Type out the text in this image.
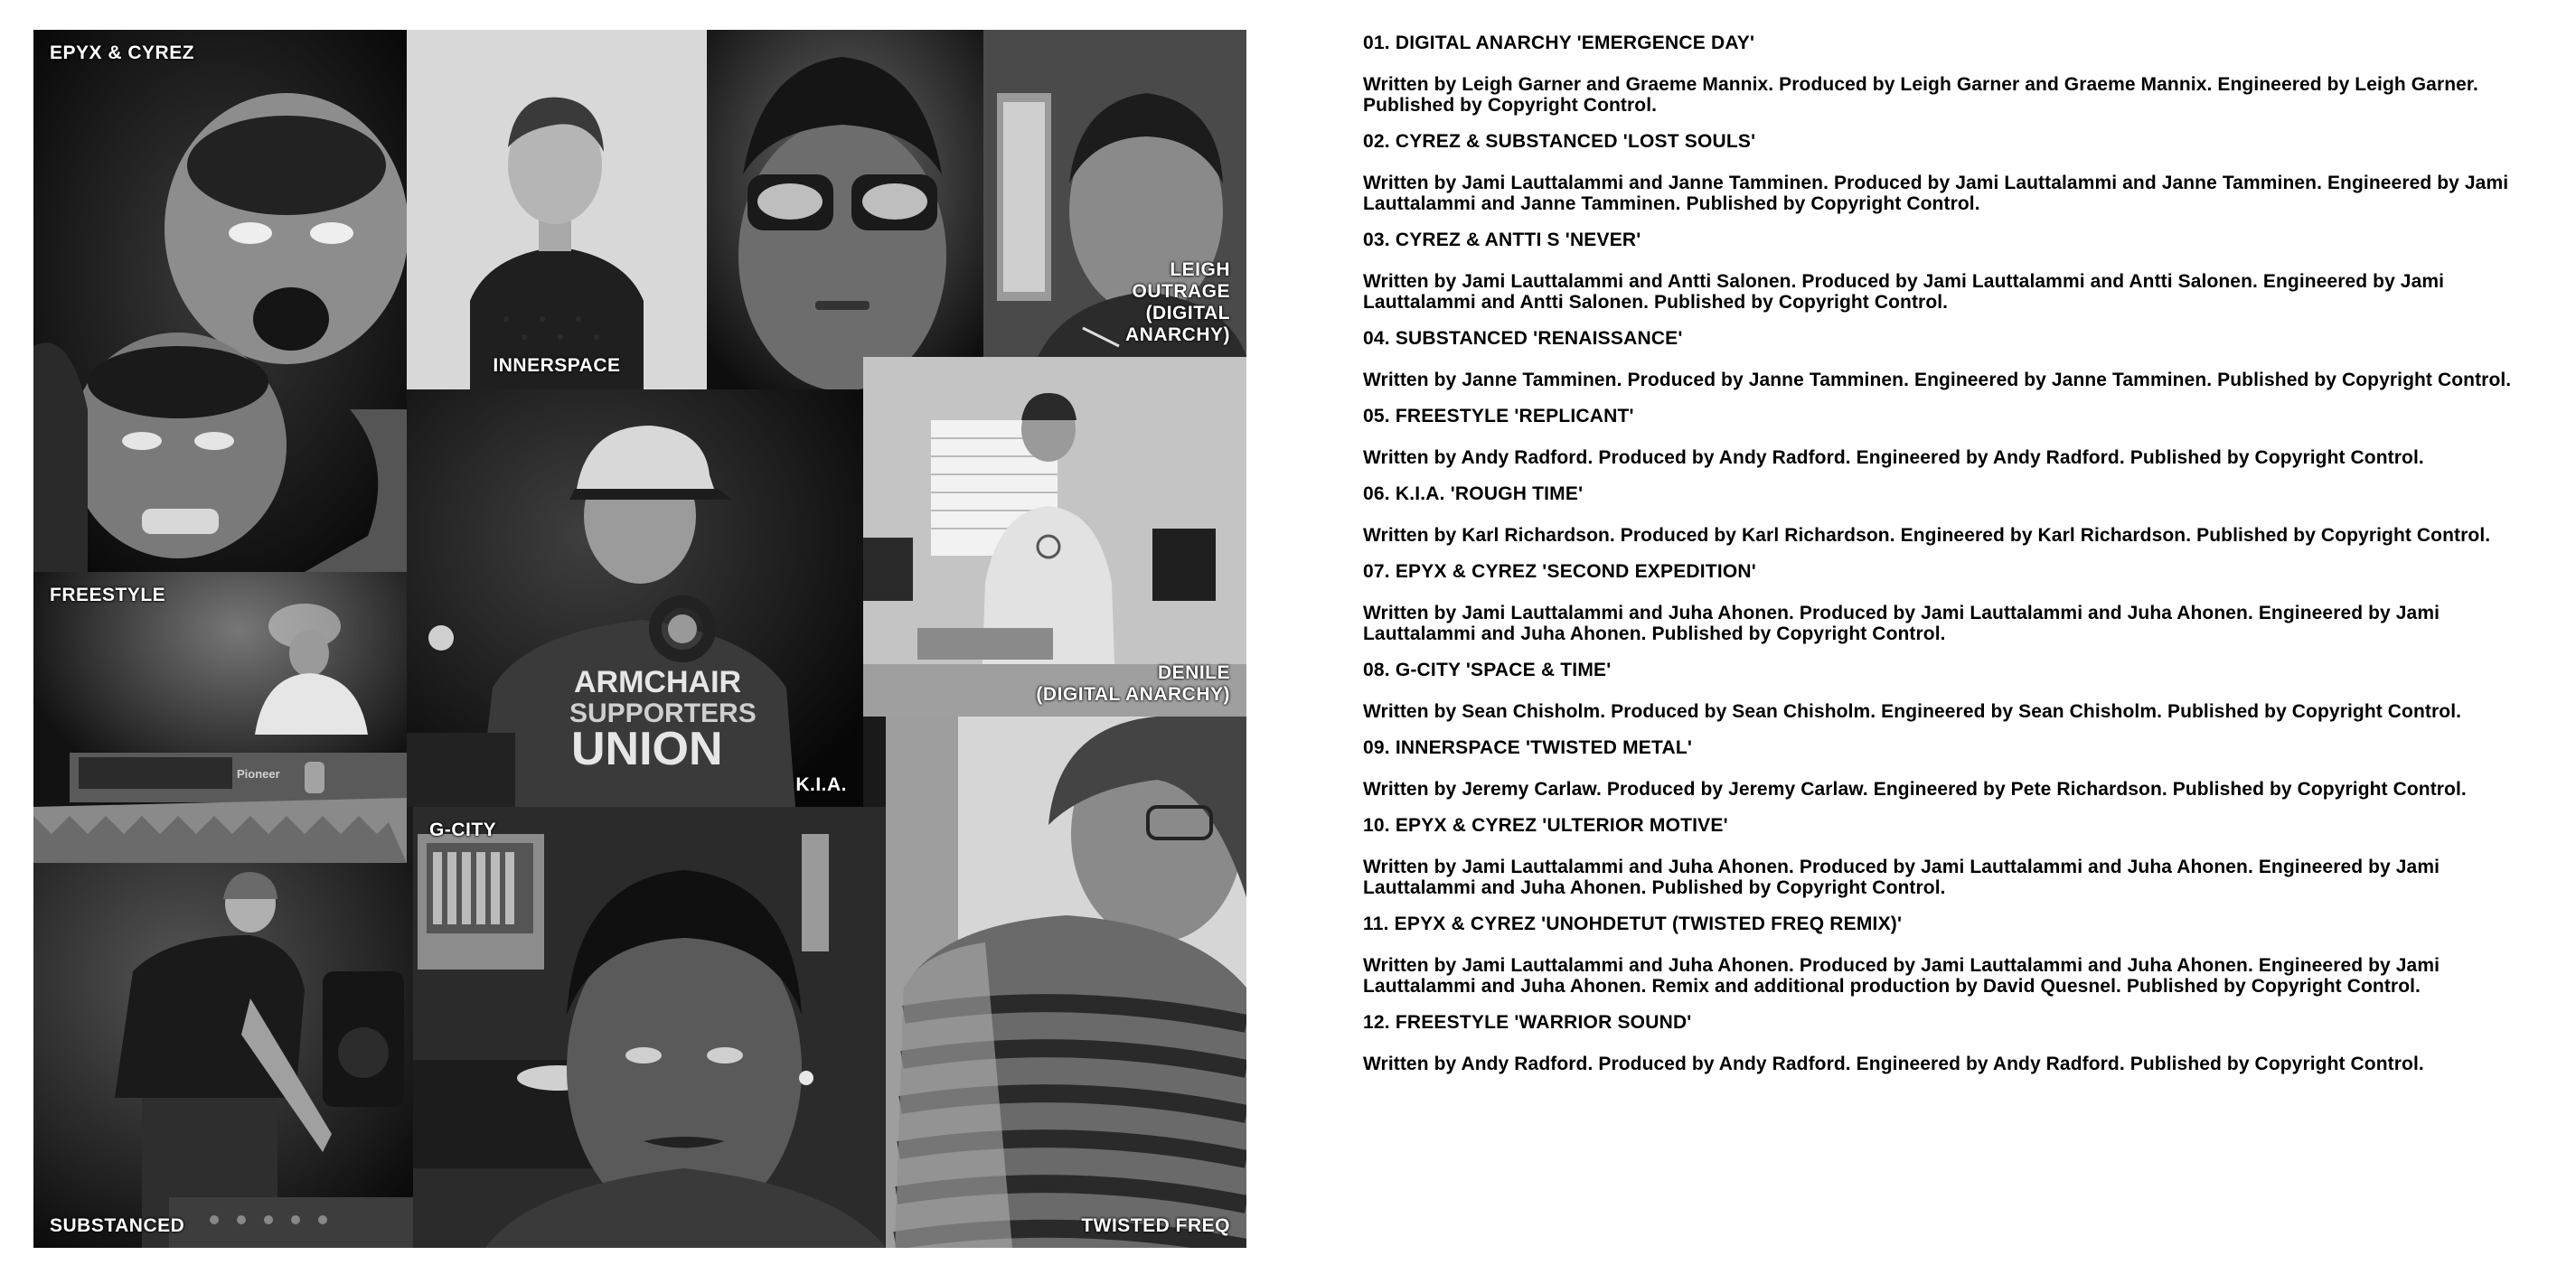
EPYX & CYREZ
INNERSPACE
LEIGH
OUTRAGE
(DIGITAL
ANARCHY)
Pioneer
FREESTYLE
ARMCHAIR
SUPPORTERS
UNION
K.I.A.
DENILE
(DIGITAL ANARCHY)
G-CITY
SUBSTANCED	TWISTED FREQ
01. DIGITAL ANARCHY 'EMERGENCE DAY'

Written by Leigh Garner and Graeme Mannix. Produced by Leigh Garner and Graeme Mannix. Engineered by Leigh Garner. Published by Copyright Control.

02. CYREZ & SUBSTANCED 'LOST SOULS'

Written by Jami Lauttalammi and Janne Tamminen. Produced by Jami Lauttalammi and Janne Tamminen. Engineered by Jami Lauttalammi and Janne Tamminen. Published by Copyright Control.

03. CYREZ & ANTTI S 'NEVER'

Written by Jami Lauttalammi and Antti Salonen. Produced by Jami Lauttalammi and Antti Salonen. Engineered by Jami Lauttalammi and Antti Salonen. Published by Copyright Control.

04. SUBSTANCED 'RENAISSANCE'

Written by Janne Tamminen. Produced by Janne Tamminen. Engineered by Janne Tamminen. Published by Copyright Control.

05. FREESTYLE 'REPLICANT'

Written by Andy Radford. Produced by Andy Radford. Engineered by Andy Radford. Published by Copyright Control.

06. K.I.A. 'ROUGH TIME'

Written by Karl Richardson. Produced by Karl Richardson. Engineered by Karl Richardson. Published by Copyright Control.

07. EPYX & CYREZ 'SECOND EXPEDITION'

Written by Jami Lauttalammi and Juha Ahonen. Produced by Jami Lauttalammi and Juha Ahonen. Engineered by Jami Lauttalammi and Juha Ahonen. Published by Copyright Control.

08. G-CITY 'SPACE & TIME'

Written by Sean Chisholm. Produced by Sean Chisholm. Engineered by Sean Chisholm. Published by Copyright Control.

09. INNERSPACE 'TWISTED METAL'

Written by Jeremy Carlaw. Produced by Jeremy Carlaw. Engineered by Pete Richardson. Published by Copyright Control.

10. EPYX & CYREZ 'ULTERIOR MOTIVE'

Written by Jami Lauttalammi and Juha Ahonen. Produced by Jami Lauttalammi and Juha Ahonen. Engineered by Jami Lauttalammi and Juha Ahonen. Published by Copyright Control.

11. EPYX & CYREZ 'UNOHDETUT (TWISTED FREQ REMIX)'

Written by Jami Lauttalammi and Juha Ahonen. Produced by Jami Lauttalammi and Juha Ahonen. Engineered by Jami Lauttalammi and Juha Ahonen. Remix and additional production by David Quesnel. Published by Copyright Control.

12. FREESTYLE 'WARRIOR SOUND'

Written by Andy Radford. Produced by Andy Radford. Engineered by Andy Radford. Published by Copyright Control.
